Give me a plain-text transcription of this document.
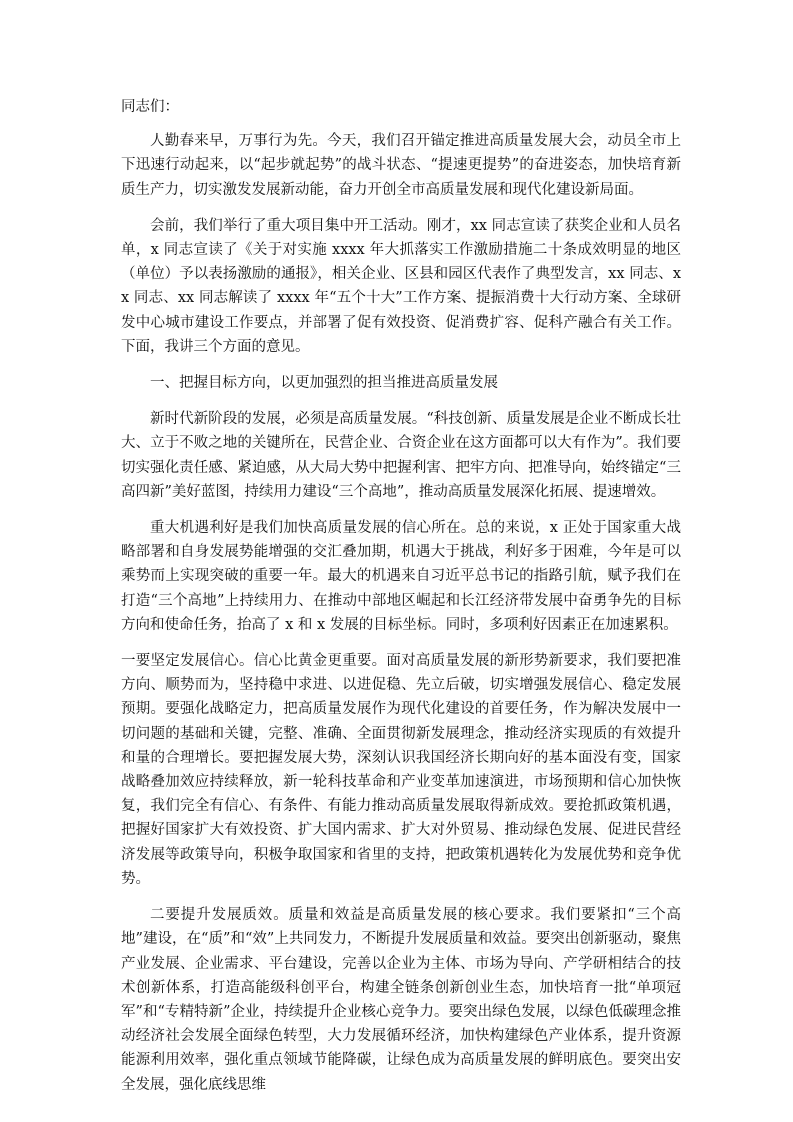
同志们：

人勤春来早，万事行为先。今天，我们召开锚定推进高质量发展大会，动员全市上下迅速行动起来，以“起步就起势”的战斗状态、“提速更提势”的奋进姿态，加快培育新质生产力，切实激发发展新动能，奋力开创全市高质量发展和现代化建设新局面。

会前，我们举行了重大项目集中开工活动。刚才，xx 同志宣读了获奖企业和人员名单，x 同志宣读了《关于对实施 xxxx 年大抓落实工作激励措施二十条成效明显的地区（单位）予以表扬激励的通报》，相关企业、区县和园区代表作了典型发言，xx 同志、xx 同志、xx 同志解读了 xxxx 年“五个十大”工作方案、提振消费十大行动方案、全球研发中心城市建设工作要点，并部署了促有效投资、促消费扩容、促科产融合有关工作。下面，我讲三个方面的意见。

一、把握目标方向，以更加强烈的担当推进高质量发展

新时代新阶段的发展，必须是高质量发展。“科技创新、质量发展是企业不断成长壮大、立于不败之地的关键所在，民营企业、合资企业在这方面都可以大有作为”。我们要切实强化责任感、紧迫感，从大局大势中把握利害、把牢方向、把准导向，始终锚定“三高四新”美好蓝图，持续用力建设“三个高地”，推动高质量发展深化拓展、提速增效。

重大机遇利好是我们加快高质量发展的信心所在。总的来说，x 正处于国家重大战略部署和自身发展势能增强的交汇叠加期，机遇大于挑战，利好多于困难，今年是可以乘势而上实现突破的重要一年。最大的机遇来自习近平总书记的指路引航，赋予我们在打造“三个高地”上持续用力、在推动中部地区崛起和长江经济带发展中奋勇争先的目标方向和使命任务，抬高了 x 和 x 发展的目标坐标。同时，多项利好因素正在加速累积。

一要坚定发展信心。信心比黄金更重要。面对高质量发展的新形势新要求，我们要把准方向、顺势而为，坚持稳中求进、以进促稳、先立后破，切实增强发展信心、稳定发展预期。要强化战略定力，把高质量发展作为现代化建设的首要任务，作为解决发展中一切问题的基础和关键，完整、准确、全面贯彻新发展理念，推动经济实现质的有效提升和量的合理增长。要把握发展大势，深刻认识我国经济长期向好的基本面没有变，国家战略叠加效应持续释放，新一轮科技革命和产业变革加速演进，市场预期和信心加快恢复，我们完全有信心、有条件、有能力推动高质量发展取得新成效。要抢抓政策机遇，把握好国家扩大有效投资、扩大国内需求、扩大对外贸易、推动绿色发展、促进民营经济发展等政策导向，积极争取国家和省里的支持，把政策机遇转化为发展优势和竞争优势。

二要提升发展质效。质量和效益是高质量发展的核心要求。我们要紧扣“三个高地”建设，在“质”和“效”上共同发力，不断提升发展质量和效益。要突出创新驱动，聚焦产业发展、企业需求、平台建设，完善以企业为主体、市场为导向、产学研相结合的技术创新体系，打造高能级科创平台，构建全链条创新创业生态，加快培育一批“单项冠军”和“专精特新”企业，持续提升企业核心竞争力。要突出绿色发展，以绿色低碳理念推动经济社会发展全面绿色转型，大力发展循环经济，加快构建绿色产业体系，提升资源能源利用效率，强化重点领域节能降碳，让绿色成为高质量发展的鲜明底色。要突出安全发展，强化底线思维
